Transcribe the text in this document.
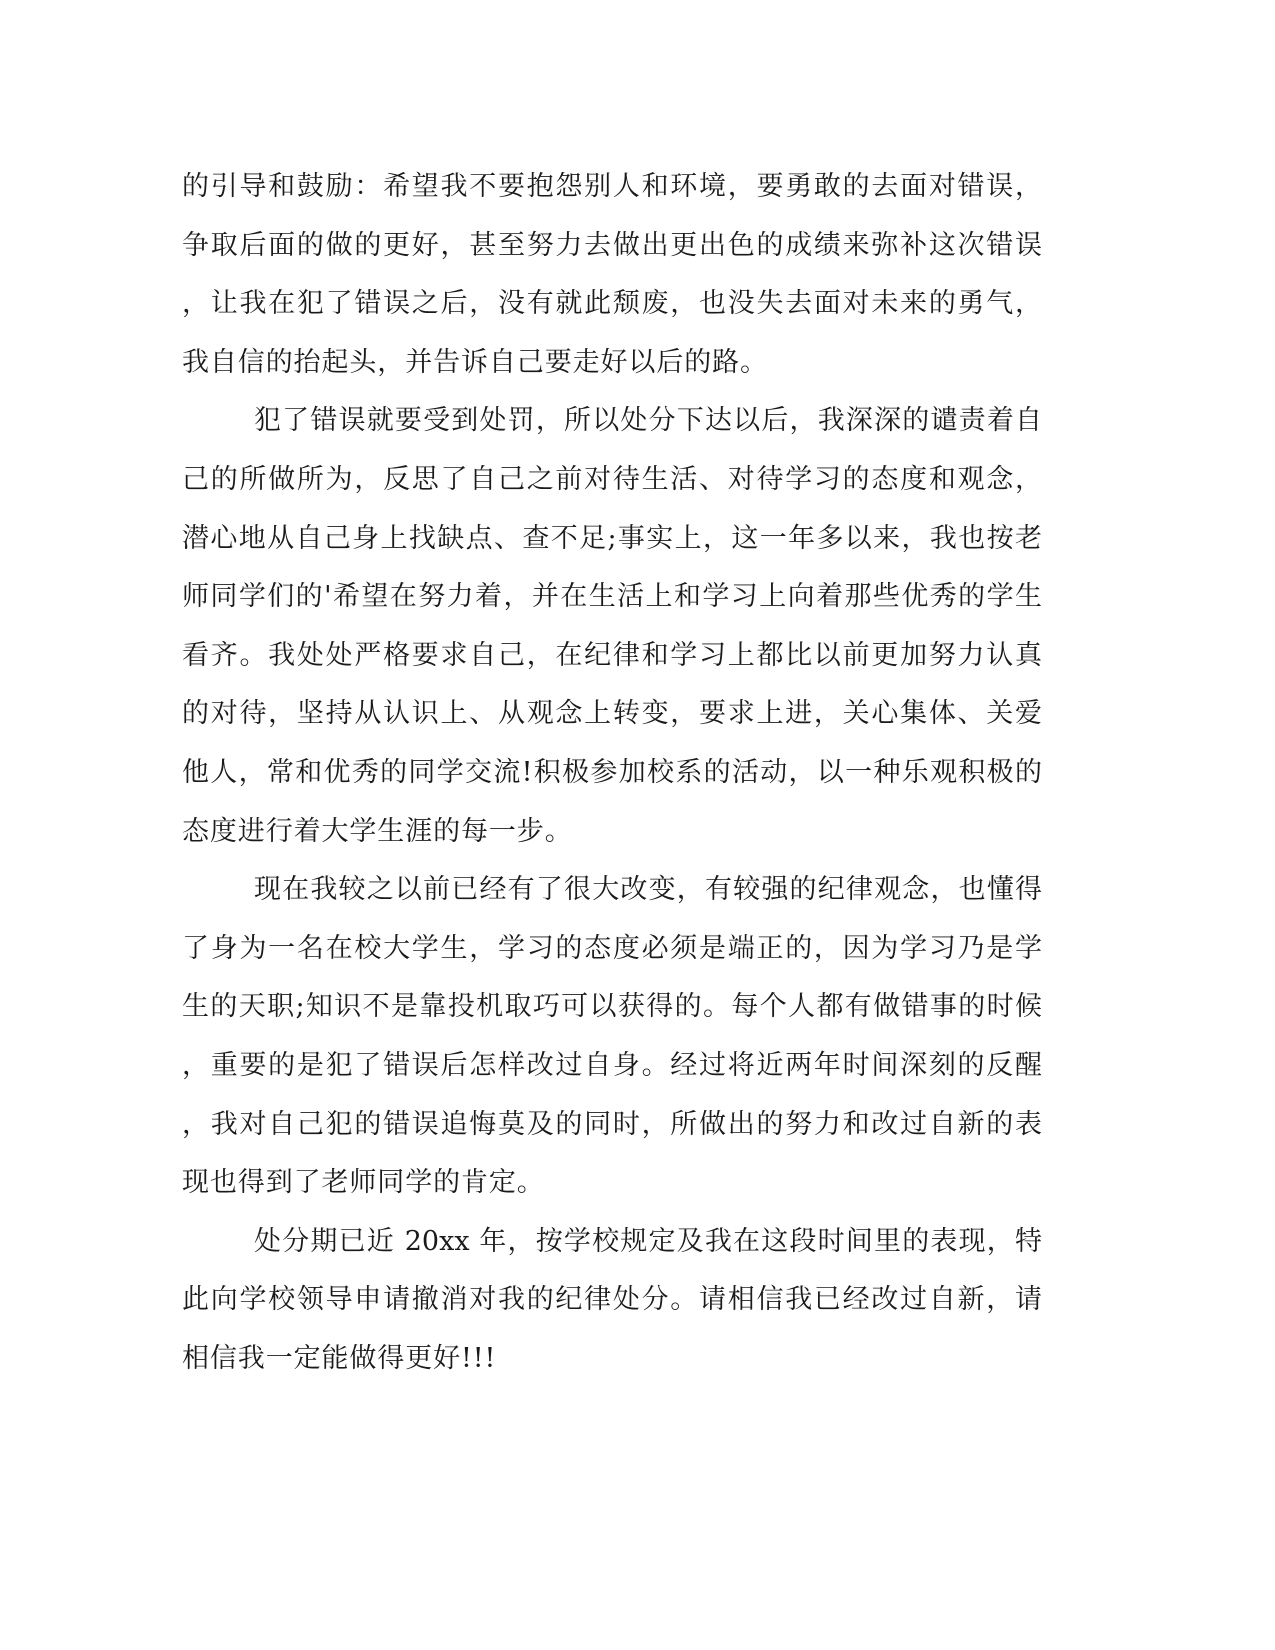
的引导和鼓励：希望我不要抱怨别人和环境，要勇敢的去面对错误，
争取后面的做的更好，甚至努力去做出更出色的成绩来弥补这次错误
，让我在犯了错误之后，没有就此颓废，也没失去面对未来的勇气，
我自信的抬起头，并告诉自己要走好以后的路。
犯了错误就要受到处罚，所以处分下达以后，我深深的谴责着自
己的所做所为，反思了自己之前对待生活、对待学习的态度和观念，
潜心地从自己身上找缺点、查不足;事实上，这一年多以来，我也按老
师同学们的'希望在努力着，并在生活上和学习上向着那些优秀的学生
看齐。我处处严格要求自己，在纪律和学习上都比以前更加努力认真
的对待，坚持从认识上、从观念上转变，要求上进，关心集体、关爱
他人，常和优秀的同学交流!积极参加校系的活动，以一种乐观积极的
态度进行着大学生涯的每一步。
现在我较之以前已经有了很大改变，有较强的纪律观念，也懂得
了身为一名在校大学生，学习的态度必须是端正的，因为学习乃是学
生的天职;知识不是靠投机取巧可以获得的。每个人都有做错事的时候
，重要的是犯了错误后怎样改过自身。经过将近两年时间深刻的反醒
，我对自己犯的错误追悔莫及的同时，所做出的努力和改过自新的表
现也得到了老师同学的肯定。
处分期已近 20xx 年，按学校规定及我在这段时间里的表现，特
此向学校领导申请撤消对我的纪律处分。请相信我已经改过自新，请
相信我一定能做得更好!!!
